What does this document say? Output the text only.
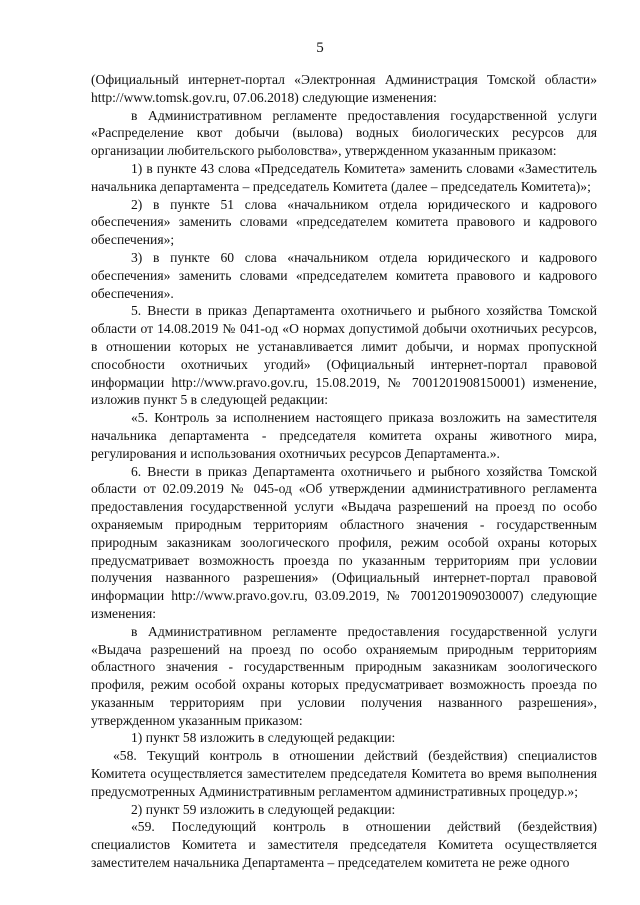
5

(Официальный интернет-портал «Электронная Администрация Томской области» http://www.tomsk.gov.ru, 07.06.2018) следующие изменения:

в Административном регламенте предоставления государственной услуги «Распределение квот добычи (вылова) водных биологических ресурсов для организации любительского рыболовства», утвержденном указанным приказом:

1) в пункте 43 слова «Председатель Комитета» заменить словами «Заместитель начальника департамента – председатель Комитета (далее – председатель Комитета)»;

2) в пункте 51 слова «начальником отдела юридического и кадрового обеспечения» заменить словами «председателем комитета правового и кадрового обеспечения»;

3) в пункте 60 слова «начальником отдела юридического и кадрового обеспечения» заменить словами «председателем комитета правового и кадрового обеспечения».

5. Внести в приказ Департамента охотничьего и рыбного хозяйства Томской области от 14.08.2019 № 041-од «О нормах допустимой добычи охотничьих ресурсов, в отношении которых не устанавливается лимит добычи, и нормах пропускной способности охотничьих угодий» (Официальный интернет-портал правовой информации http://www.pravo.gov.ru, 15.08.2019, № 7001201908150001) изменение, изложив пункт 5 в следующей редакции:

«5. Контроль за исполнением настоящего приказа возложить на заместителя начальника департамента - председателя комитета охраны животного мира, регулирования и использования охотничьих ресурсов Департамента.».

6. Внести в приказ Департамента охотничьего и рыбного хозяйства Томской области от 02.09.2019 № 045-од «Об утверждении административного регламента предоставления государственной услуги «Выдача разрешений на проезд по особо охраняемым природным территориям областного значения - государственным природным заказникам зоологического профиля, режим особой охраны которых предусматривает возможность проезда по указанным территориям при условии получения названного разрешения» (Официальный интернет-портал правовой информации http://www.pravo.gov.ru, 03.09.2019, № 7001201909030007) следующие изменения:

в Административном регламенте предоставления государственной услуги «Выдача разрешений на проезд по особо охраняемым природным территориям областного значения - государственным природным заказникам зоологического профиля, режим особой охраны которых предусматривает возможность проезда по указанным территориям при условии получения названного разрешения», утвержденном указанным приказом:

1) пункт 58 изложить в следующей редакции:

«58. Текущий контроль в отношении действий (бездействия) специалистов Комитета осуществляется заместителем председателя Комитета во время выполнения предусмотренных Административным регламентом административных процедур.»;

2) пункт 59 изложить в следующей редакции:

«59. Последующий контроль в отношении действий (бездействия) специалистов Комитета и заместителя председателя Комитета осуществляется заместителем начальника Департамента – председателем комитета не реже одного
